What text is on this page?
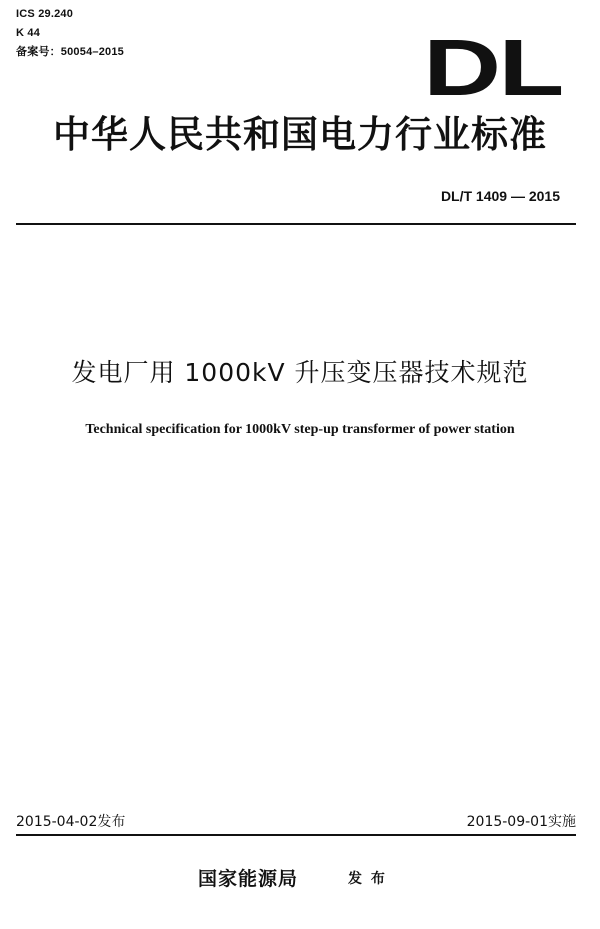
ICS 29.240
K 44
备案号：50054–2015	DL
中华人民共和国电力行业标准
DL/T 1409 — 2015
发电厂用 1000kV 升压变压器技术规范
Technical specification for 1000kV step-up transformer of power station
2015-04-02发布	2015-09-01实施
国家能源局	发 布
